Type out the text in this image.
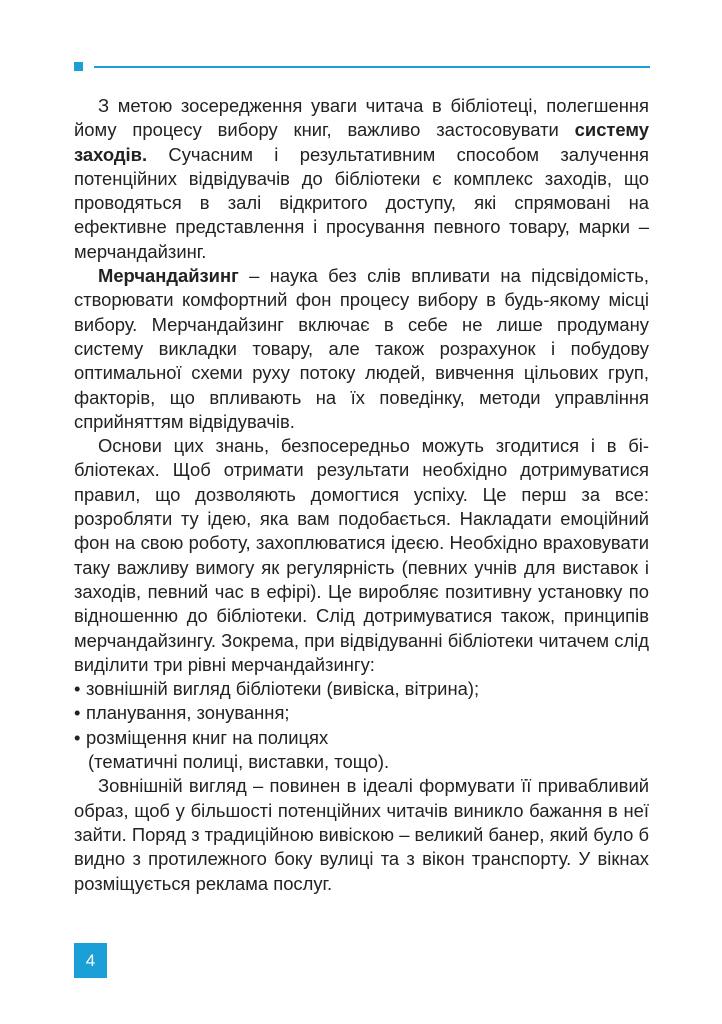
З метою зосередження уваги читача в бібліотеці, полегшення йому процесу вибору книг, важливо застосовувати систему заходів. Сучасним і результативним способом залучення потенційних відвідувачів до бібліотеки є комплекс заходів, що проводяться в залі відкритого доступу, які спрямовані на ефективне представлення і просування певного товару, марки – мерчандайзинг.

Мерчандайзинг – наука без слів впливати на підсвідомість, створювати комфортний фон процесу вибору в будь-якому місці вибору. Мерчандайзинг включає в себе не лише продуману систему викладки товару, але також розрахунок і побудову оптимальної схеми руху потоку людей, вивчення цільових груп, факторів, що впливають на їх поведінку, методи управління сприйняттям відвідувачів.

Основи цих знань, безпосередньо можуть згодитися і в бібліотеках. Щоб отримати результати необхідно дотримуватися правил, що дозволяють домогтися успіху. Це перш за все: розробляти ту ідею, яка вам подобається. Накладати емоційний фон на свою роботу, захоплюватися ідеєю. Необхідно враховувати таку важливу вимогу як регулярність (певних учнів для виставок і заходів, певний час в ефірі). Це виробляє позитивну установку по відношенню до бібліотеки. Слід дотримуватися також, принципів мерчандайзингу. Зокрема, при відвідуванні бібліотеки читачем слід виділити три рівні мерчандайзингу:

• зовнішній вигляд бібліотеки (вивіска, вітрина);
• планування, зонування;
• розміщення книг на полицях
(тематичні полиці, виставки, тощо).

Зовнішній вигляд – повинен в ідеалі формувати її привабливий образ, щоб у більшості потенційних читачів виникло бажання в неї зайти. Поряд з традиційною вивіскою – великий банер, який було б видно з протилежного боку вулиці та з вікон транспорту. У вікнах розміщується реклама послуг.

4
